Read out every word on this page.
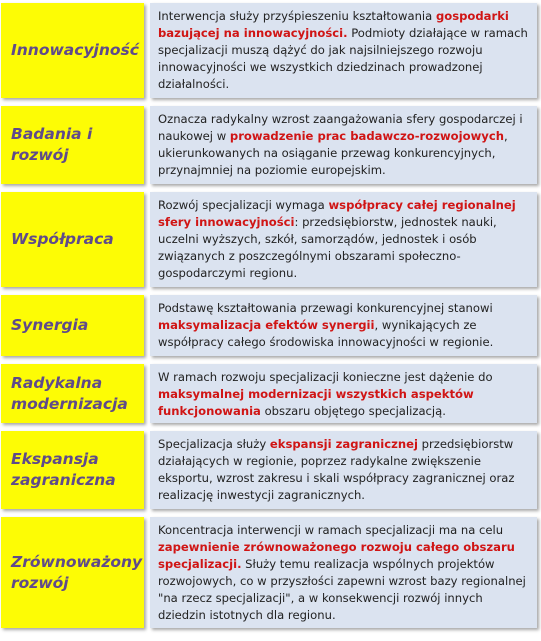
Innowacyjność
Interwencja służy przyśpieszeniu kształtowania gospodarki bazującej na innowacyjności. Podmioty działające w ramach specjalizacji muszą dążyć do jak najsilniejszego rozwoju innowacyjności we wszystkich dziedzinach prowadzonej działalności.
Badania i rozwój
Oznacza radykalny wzrost zaangażowania sfery gospodarczej i naukowej w prowadzenie prac badawczo-rozwojowych, ukierunkowanych na osiąganie przewag konkurencyjnych, przynajmniej na poziomie europejskim.
Współpraca
Rozwój specjalizacji wymaga współpracy całej regionalnej sfery innowacyjności: przedsiębiorstw, jednostek nauki, uczelni wyższych, szkół, samorządów, jednostek i osób związanych z poszczególnymi obszarami społeczno-gospodarczymi regionu.
Synergia
Podstawę kształtowania przewagi konkurencyjnej stanowi maksymalizacja efektów synergii, wynikających ze współpracy całego środowiska innowacyjności w regionie.
Radykalna modernizacja
W ramach rozwoju specjalizacji konieczne jest dążenie do maksymalnej modernizacji wszystkich aspektów funkcjonowania obszaru objętego specjalizacją.
Ekspansja zagraniczna
Specjalizacja służy ekspansji zagranicznej przedsiębiorstw działających w regionie, poprzez radykalne zwiększenie eksportu, wzrost zakresu i skali współpracy zagranicznej oraz realizację inwestycji zagranicznych.
Zrównoważony rozwój
Koncentracja interwencji w ramach specjalizacji ma na celu zapewnienie zrównoważonego rozwoju całego obszaru specjalizacji. Służy temu realizacja wspólnych projektów rozwojowych, co w przyszłości zapewni wzrost bazy regionalnej "na rzecz specjalizacji", a w konsekwencji rozwój innych dziedzin istotnych dla regionu.
